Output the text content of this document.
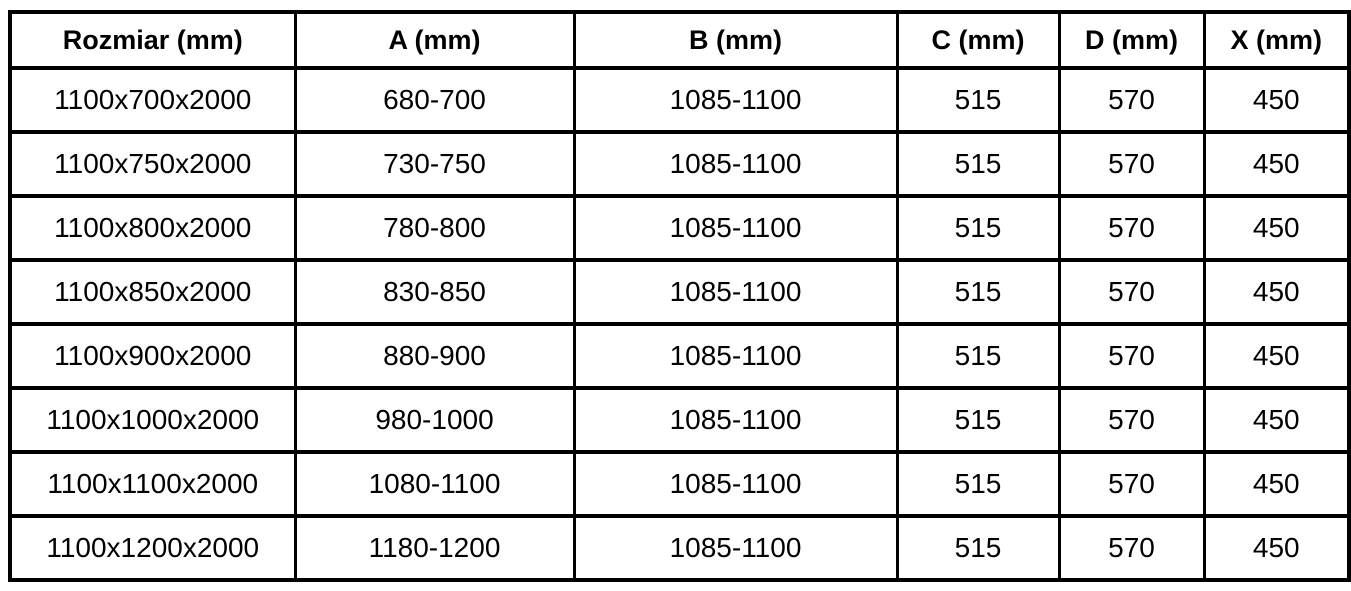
Rozmiar (mm)	A (mm)	B (mm)	C (mm)	D (mm)	X (mm)
1100x700x2000	680-700	1085-1100	515	570	450
1100x750x2000	730-750	1085-1100	515	570	450
1100x800x2000	780-800	1085-1100	515	570	450
1100x850x2000	830-850	1085-1100	515	570	450
1100x900x2000	880-900	1085-1100	515	570	450
1100x1000x2000	980-1000	1085-1100	515	570	450
1100x1100x2000	1080-1100	1085-1100	515	570	450
1100x1200x2000	1180-1200	1085-1100	515	570	450
